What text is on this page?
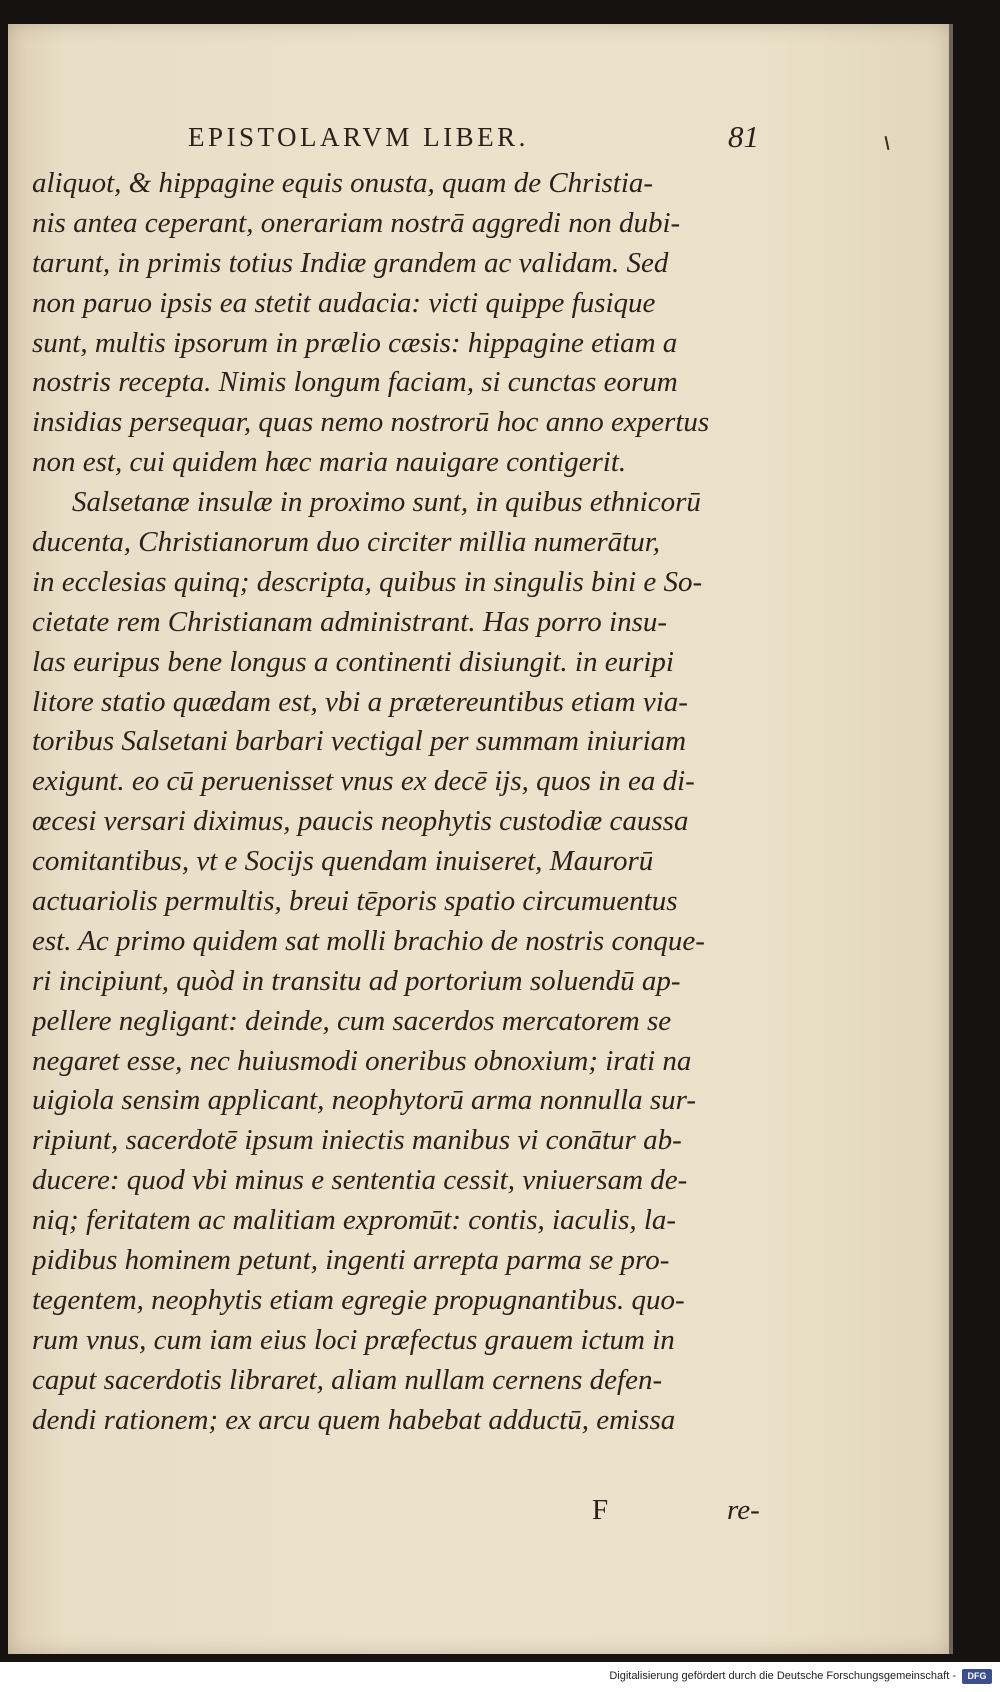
EPISTOLARVM LIBER.	81
aliquot, & hippagine equis onusta, quam de Christia-
nis antea ceperant, onerariam nostrā aggredi non dubi-
tarunt, in primis totius Indiæ grandem ac validam. Sed
non paruo ipsis ea stetit audacia: victi quippe fusique
sunt, multis ipsorum in prælio cæsis: hippagine etiam a
nostris recepta. Nimis longum faciam, si cunctas eorum
insidias persequar, quas nemo nostrorū hoc anno expertus
non est, cui quidem hæc maria nauigare contigerit.
Salsetanæ insulæ in proximo sunt, in quibus ethnicorū
ducenta, Christianorum duo circiter millia numerātur,
in ecclesias quinq; descripta, quibus in singulis bini e So-
cietate rem Christianam administrant. Has porro insu-
las euripus bene longus a continenti disiungit. in euripi
litore statio quædam est, vbi a prætereuntibus etiam via-
toribus Salsetani barbari vectigal per summam iniuriam
exigunt. eo cū peruenisset vnus ex decē ijs, quos in ea di-
œcesi versari diximus, paucis neophytis custodiæ caussa
comitantibus, vt e Socijs quendam inuiseret, Maurorū
actuariolis permultis, breui tēporis spatio circumuentus
est. Ac primo quidem sat molli brachio de nostris conque-
ri incipiunt, quòd in transitu ad portorium soluendū ap-
pellere negligant: deinde, cum sacerdos mercatorem se
negaret esse, nec huiusmodi oneribus obnoxium; irati na
uigiola sensim applicant, neophytorū arma nonnulla sur-
ripiunt, sacerdotē ipsum iniectis manibus vi conātur ab-
ducere: quod vbi minus e sententia cessit, vniuersam de-
niq; feritatem ac malitiam expromūt: contis, iaculis, la-
pidibus hominem petunt, ingenti arrepta parma se pro-
tegentem, neophytis etiam egregie propugnantibus. quo-
rum vnus, cum iam eius loci præfectus grauem ictum in
caput sacerdotis libraret, aliam nullam cernens defen-
dendi rationem; ex arcu quem habebat adductū, emissa
F	re-
Digitalisierung gefördert durch die Deutsche Forschungsgemeinschaft -	DFG
